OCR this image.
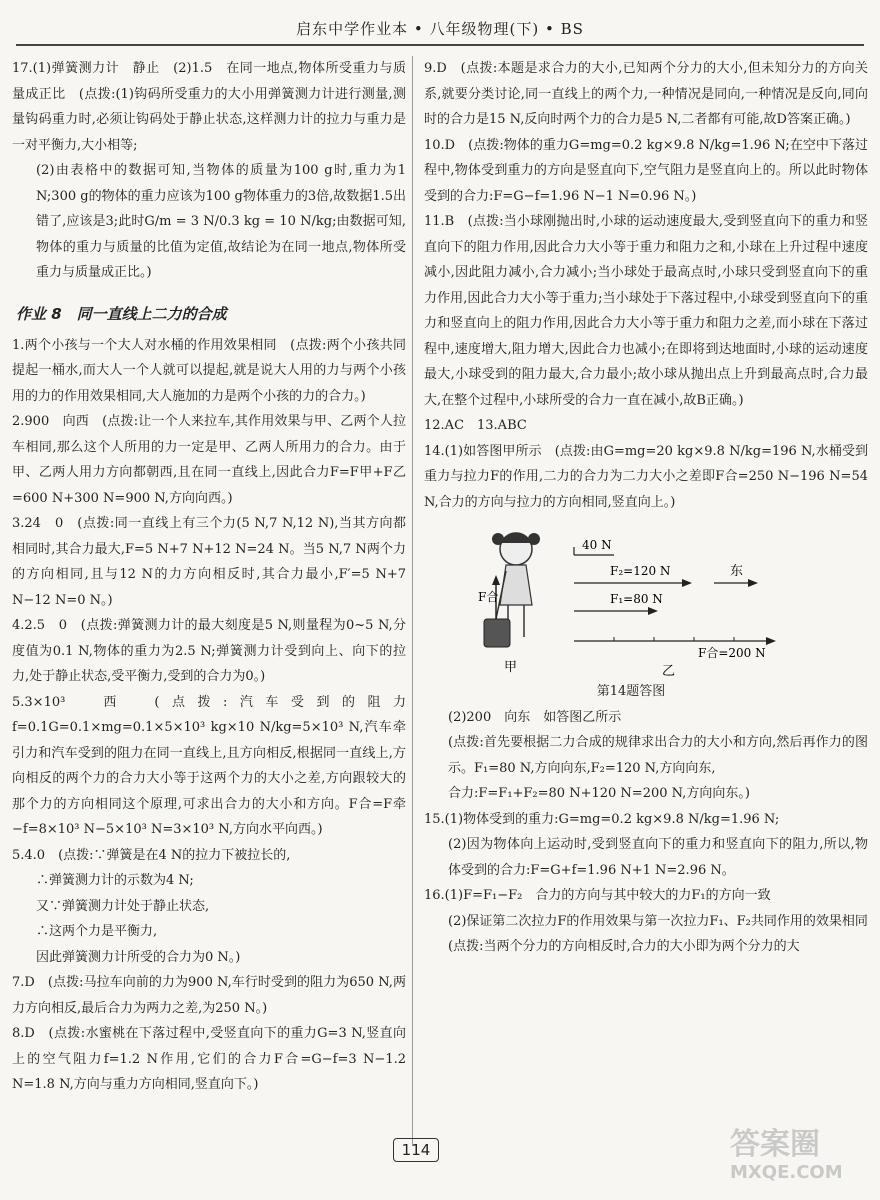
启东中学作业本 • 八年级物理(下) • BS

17.(1)弹簧测力计　静止　(2)1.5　在同一地点,物体所受重力与质量成正比　(点拨:(1)钩码所受重力的大小用弹簧测力计进行测量,测量钩码重力时,必须让钩码处于静止状态,这样测力计的拉力与重力是一对平衡力,大小相等;

(2)由表格中的数据可知,当物体的质量为100 g时,重力为1 N;300 g的物体的重力应该为100 g物体重力的3倍,故数据1.5出错了,应该是3;此时G/m = 3 N/0.3 kg = 10 N/kg;由数据可知,物体的重力与质量的比值为定值,故结论为在同一地点,物体所受重力与质量成正比。)

作业 8　同一直线上二力的合成

1.两个小孩与一个大人对水桶的作用效果相同　(点拨:两个小孩共同提起一桶水,而大人一个人就可以提起,就是说大人用的力与两个小孩用的力的作用效果相同,大人施加的力是两个小孩的力的合力。)

2.900　向西　(点拨:让一个人来拉车,其作用效果与甲、乙两个人拉车相同,那么这个人所用的力一定是甲、乙两人所用力的合力。由于甲、乙两人用力方向都朝西,且在同一直线上,因此合力F=F甲+F乙=600 N+300 N=900 N,方向向西。)

3.24　0　(点拨:同一直线上有三个力(5 N,7 N,12 N),当其方向都相同时,其合力最大,F=5 N+7 N+12 N=24 N。当5 N,7 N两个力的方向相同,且与12 N的力方向相反时,其合力最小,F′=5 N+7 N−12 N=0 N。)

4.2.5　0　(点拨:弹簧测力计的最大刻度是5 N,则量程为0~5 N,分度值为0.1 N,物体的重力为2.5 N;弹簧测力计受到向上、向下的拉力,处于静止状态,受平衡力,受到的合力为0。)

5.3×10³　西　(点拨:汽车受到的阻力f=0.1G=0.1×mg=0.1×5×10³ kg×10 N/kg=5×10³ N,汽车牵引力和汽车受到的阻力在同一直线上,且方向相反,根据同一直线上,方向相反的两个力的合力大小等于这两个力的大小之差,方向跟较大的那个力的方向相同这个原理,可求出合力的大小和方向。F合=F牵−f=8×10³ N−5×10³ N=3×10³ N,方向水平向西。)

5.4.0　(点拨:∵弹簧是在4 N的拉力下被拉长的,

∴弹簧测力计的示数为4 N;

又∵弹簧测力计处于静止状态,

∴这两个力是平衡力,

因此弹簧测力计所受的合力为0 N。)

7.D　(点拨:马拉车向前的力为900 N,车行时受到的阻力为650 N,两力方向相反,最后合力为两力之差,为250 N。)

8.D　(点拨:水蜜桃在下落过程中,受竖直向下的重力G=3 N,竖直向上的空气阻力f=1.2 N作用,它们的合力F合=G−f=3 N−1.2 N=1.8 N,方向与重力方向相同,竖直向下。)

9.D　(点拨:本题是求合力的大小,已知两个分力的大小,但未知分力的方向关系,就要分类讨论,同一直线上的两个力,一种情况是同向,一种情况是反向,同向时的合力是15 N,反向时两个力的合力是5 N,二者都有可能,故D答案正确。)

10.D　(点拨:物体的重力G=mg=0.2 kg×9.8 N/kg=1.96 N;在空中下落过程中,物体受到重力的方向是竖直向下,空气阻力是竖直向上的。所以此时物体受到的合力:F=G−f=1.96 N−1 N=0.96 N。)

11.B　(点拨:当小球刚抛出时,小球的运动速度最大,受到竖直向下的重力和竖直向下的阻力作用,因此合力大小等于重力和阻力之和,小球在上升过程中速度减小,因此阻力减小,合力减小;当小球处于最高点时,小球只受到竖直向下的重力作用,因此合力大小等于重力;当小球处于下落过程中,小球受到竖直向下的重力和竖直向上的阻力作用,因此合力大小等于重力和阻力之差,而小球在下落过程中,速度增大,阻力增大,因此合力也减小;在即将到达地面时,小球的运动速度最大,小球受到的阻力最大,合力最小;故小球从抛出点上升到最高点时,合力最大,在整个过程中,小球所受的合力一直在减小,故B正确。)

12.AC　13.ABC

14.(1)如答图甲所示　(点拨:由G=mg=20 kg×9.8 N/kg=196 N,水桶受到重力与拉力F的作用,二力的合力为二力大小之差即F合=250 N−196 N=54 N,合力的方向与拉力的方向相同,竖直向上。)

F合
甲
40 N
F₂=120 N
F₁=80 N
东
F合=200 N
乙
第14题答图

(2)200　向东　如答图乙所示

(点拨:首先要根据二力合成的规律求出合力的大小和方向,然后再作力的图示。F₁=80 N,方向向东,F₂=120 N,方向向东,

合力:F=F₁+F₂=80 N+120 N=200 N,方向向东。)

15.(1)物体受到的重力:G=mg=0.2 kg×9.8 N/kg=1.96 N;

(2)因为物体向上运动时,受到竖直向下的重力和竖直向下的阻力,所以,物体受到的合力:F=G+f=1.96 N+1 N=2.96 N。

16.(1)F=F₁−F₂　合力的方向与其中较大的力F₁的方向一致

(2)保证第二次拉力F的作用效果与第一次拉力F₁、F₂共同作用的效果相同

(点拨:当两个分力的方向相反时,合力的大小即为两个分力的大

114	答案圈
MXQE.COM
